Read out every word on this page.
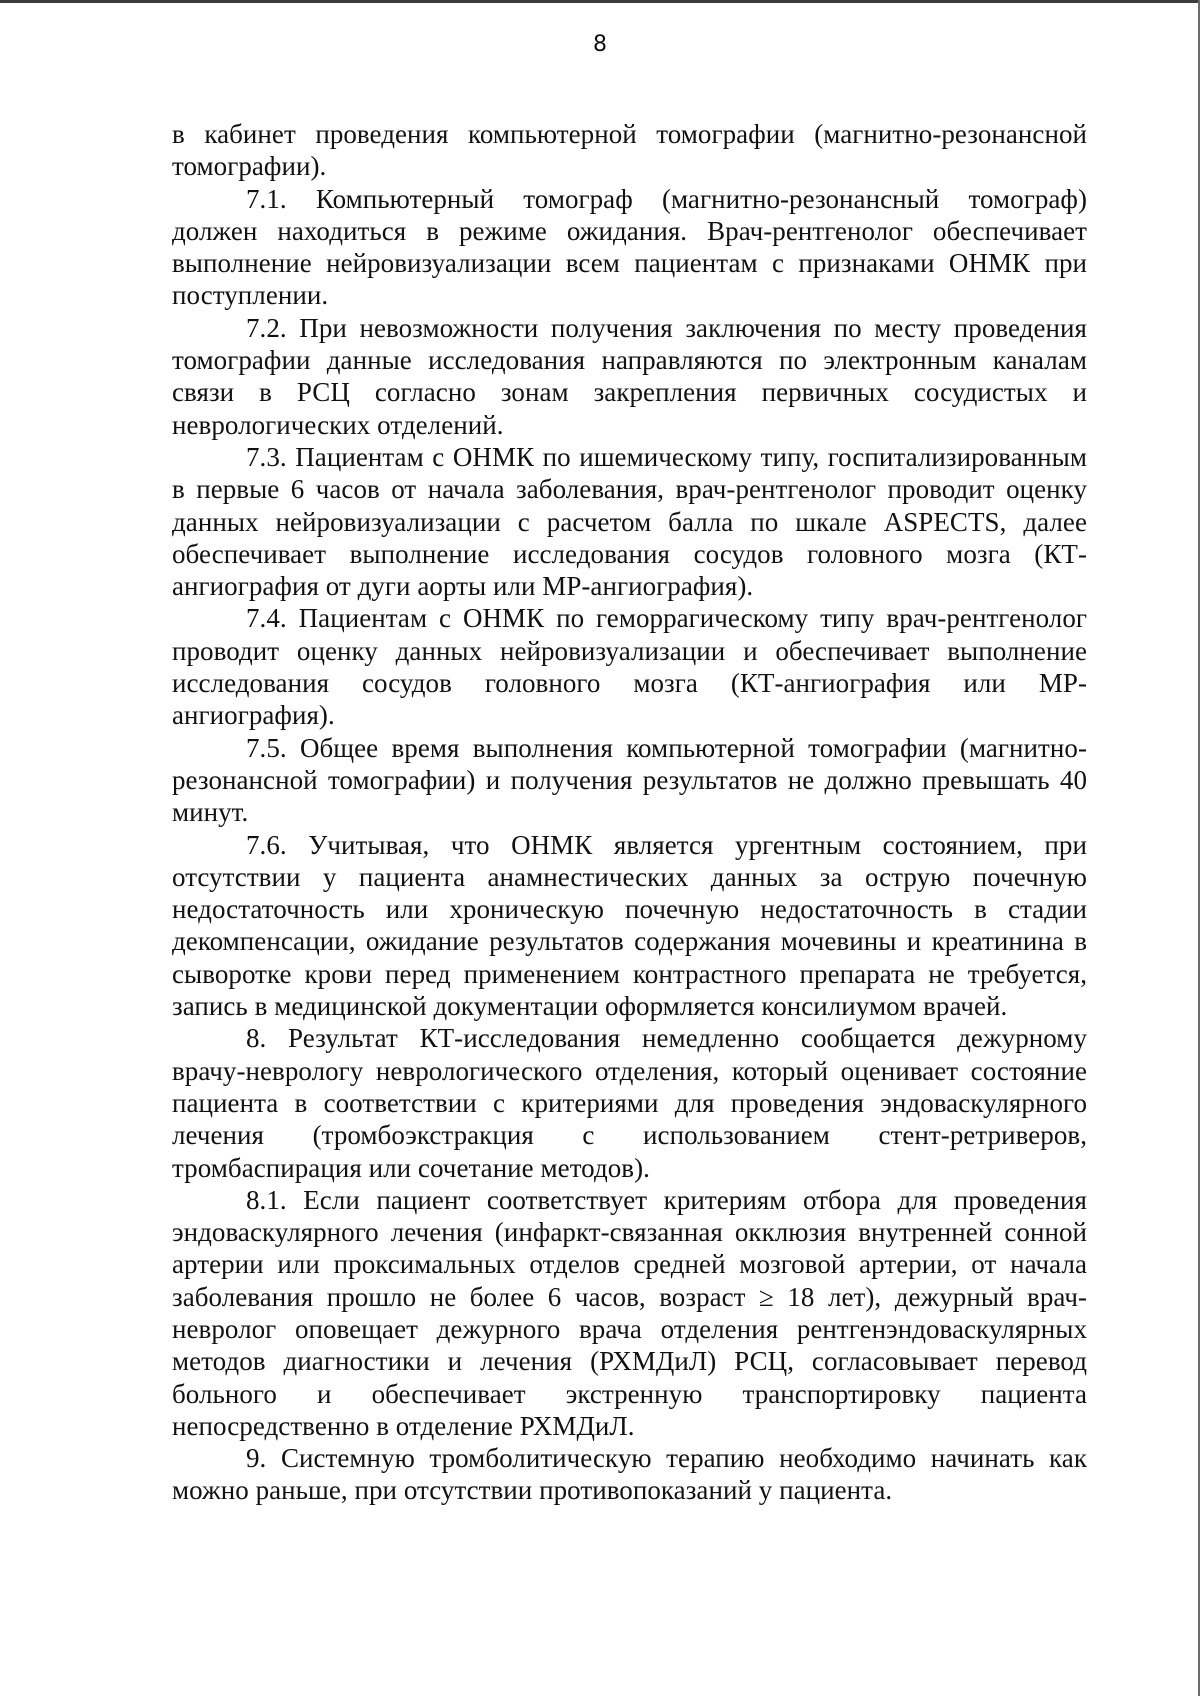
8

в кабинет проведения компьютерной томографии (магнитно-резонансной томографии).

7.1. Компьютерный томограф (магнитно-резонансный томограф) должен находиться в режиме ожидания. Врач-рентгенолог обеспечивает выполнение нейровизуализации всем пациентам с признаками ОНМК при поступлении.

7.2. При невозможности получения заключения по месту проведения томографии данные исследования направляются по электронным каналам связи в РСЦ согласно зонам закрепления первичных сосудистых и неврологических отделений.

7.3. Пациентам с ОНМК по ишемическому типу, госпитализированным в первые 6 часов от начала заболевания, врач-рентгенолог проводит оценку данных нейровизуализации с расчетом балла по шкале ASPECTS, далее обеспечивает выполнение исследования сосудов головного мозга (КТ-ангиография от дуги аорты или МР-ангиография).

7.4. Пациентам с ОНМК по геморрагическому типу врач-рентгенолог проводит оценку данных нейровизуализации и обеспечивает выполнение исследования сосудов головного мозга (КТ-ангиография или МР-ангиография).

7.5. Общее время выполнения компьютерной томографии (магнитно-резонансной томографии) и получения результатов не должно превышать 40 минут.

7.6. Учитывая, что ОНМК является ургентным состоянием, при отсутствии у пациента анамнестических данных за острую почечную недостаточность или хроническую почечную недостаточность в стадии декомпенсации, ожидание результатов содержания мочевины и креатинина в сыворотке крови перед применением контрастного препарата не требуется, запись в медицинской документации оформляется консилиумом врачей.

8. Результат КТ-исследования немедленно сообщается дежурному врачу-неврологу неврологического отделения, который оценивает состояние пациента в соответствии с критериями для проведения эндоваскулярного лечения (тромбоэкстракция с использованием стент-ретриверов, тромбаспирация или сочетание методов).

8.1. Если пациент соответствует критериям отбора для проведения эндоваскулярного лечения (инфаркт-связанная окклюзия внутренней сонной артерии или проксимальных отделов средней мозговой артерии, от начала заболевания прошло не более 6 часов, возраст ≥ 18 лет), дежурный врач-невролог оповещает дежурного врача отделения рентгенэндоваскулярных методов диагностики и лечения (РХМДиЛ) РСЦ, согласовывает перевод больного и обеспечивает экстренную транспортировку пациента непосредственно в отделение РХМДиЛ.

9. Системную тромболитическую терапию необходимо начинать как можно раньше, при отсутствии противопоказаний у пациента.
